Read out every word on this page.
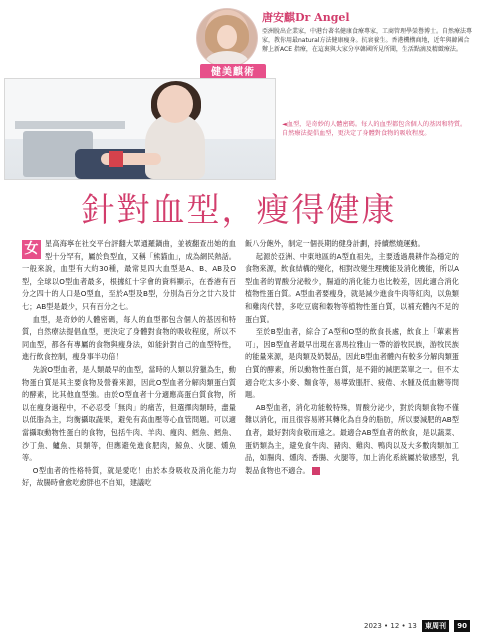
唐安麒Dr Angel
亞洲脫出企業家，中港台著名健康食療專家，工商管理學榮譽博士。自然療法專家，教你用最natural方法健康瘦身。抗衰養生。香港機構商地，近年與韓國合辦上新ACE 指療，在這裏與大家分享韓國所見所聞，生活點滴及精緻療法。
健美麒術
◄血型，是奇妙的人體密碼。每人的血型都包含個人的基因和特質。自然療法提倡血型，更決定了身體對食物的吸收程度。
針對血型，瘦得健康

女 星高海寧在社交平台評翻大眾通羅鍋曲，並被翻查出她的血型十分罕有，屬於負型血，又稱「熊貓血」，成為網民熱話。一般來說，血型有大約30種，最常見四大血型是A、B、AB及O型，全球以O型血者最多，根據紅十字會的資料顯示，在香港有百分之四十的人口是O型血，至於A型及B型，分別為百分之廿六及廿七；AB型是最少，只有百分之七。

血型，是奇妙的人體密碼，每人的血型都包含個人的基因和特質，自然療法提倡血型，更決定了身體對食物的吸收程度，所以不同血型，都各有專屬的食物與瘦身法，如能針對自己的血型特性，進行飲食控制，瘦身事半功倍！

先說O型血者，是人類最早的血型，當時的人類以狩獵為生，動物蛋白質是其主要食物及營養來源，因此O型血者分解肉類蛋白質的酵素，比其他血型強。由於O型血者十分適應高蛋白質食物，所以在瘦身過程中，不必忍受「無肉」的痛苦，但選擇肉類時，盡量以低脂為主，均衡攝取蔬果，避免有高血壓等心血管問題。可以適當攝取動物性蛋白的食物，包括牛肉、羊肉、瘦肉、鱈魚、鱈魚、沙丁魚、鱸魚、貝類等，但應避免進食肥肉，鯨魚、火腿、燻魚等。

O型血者的性格特質，就是愛吃！由於本身吸收及消化能力均好，故腸時會愈吃愈胖也不自知，建議吃

飯八分飽外，制定一個長期的健身計劃，持續燃燒運動。

起源於亞洲、中東地區的A型血祖先，主要透過農耕作為穩定的食物來源，飲食結構的變化，相對改變生理機能及消化機能，所以A型血者的胃酸分泌較少，腸道的消化能力也比較差，因此適合消化植物性蛋白質。A型血者要瘦身，就是減少進食牛肉等紅肉，以魚類和雞肉代替，多吃豆腐和穀物等植物性蛋白質，以補充體內不足的蛋白質。

至於B型血者，綜合了A型和O型的飲食長處，飲食上「葷素皆可」，因B型血者最早出現在喜馬拉雅山一帶的游牧民族，游牧民族的能量來源，是肉類及奶製品，因此B型血者體內有較多分解肉類蛋白質的酵素，所以動物性蛋白質，是不錯的減肥菜單之一。但不太適合吃太多小麥、麵食等，易導致脹肝、疲倦、水腫及低血糖等問題。

AB型血者，消化功能較特殊，胃酸分泌少，對於肉類食物不僅難以消化，而且很容易將其轉化為自身的脂肪，所以要減肥的AB型血者，最好對肉食敬而遠之。最適合AB型血者的飲食，是以蔬菜、蛋奶類為主，避免食牛肉、豬肉、雞肉、鴨肉以及大多數肉類加工品，如腸肉、燻肉、香腸、火腿等，加上消化系統屬於敏感型，乳製品食物也不適合。 E

2023 • 12 • 13 東周刊 90
